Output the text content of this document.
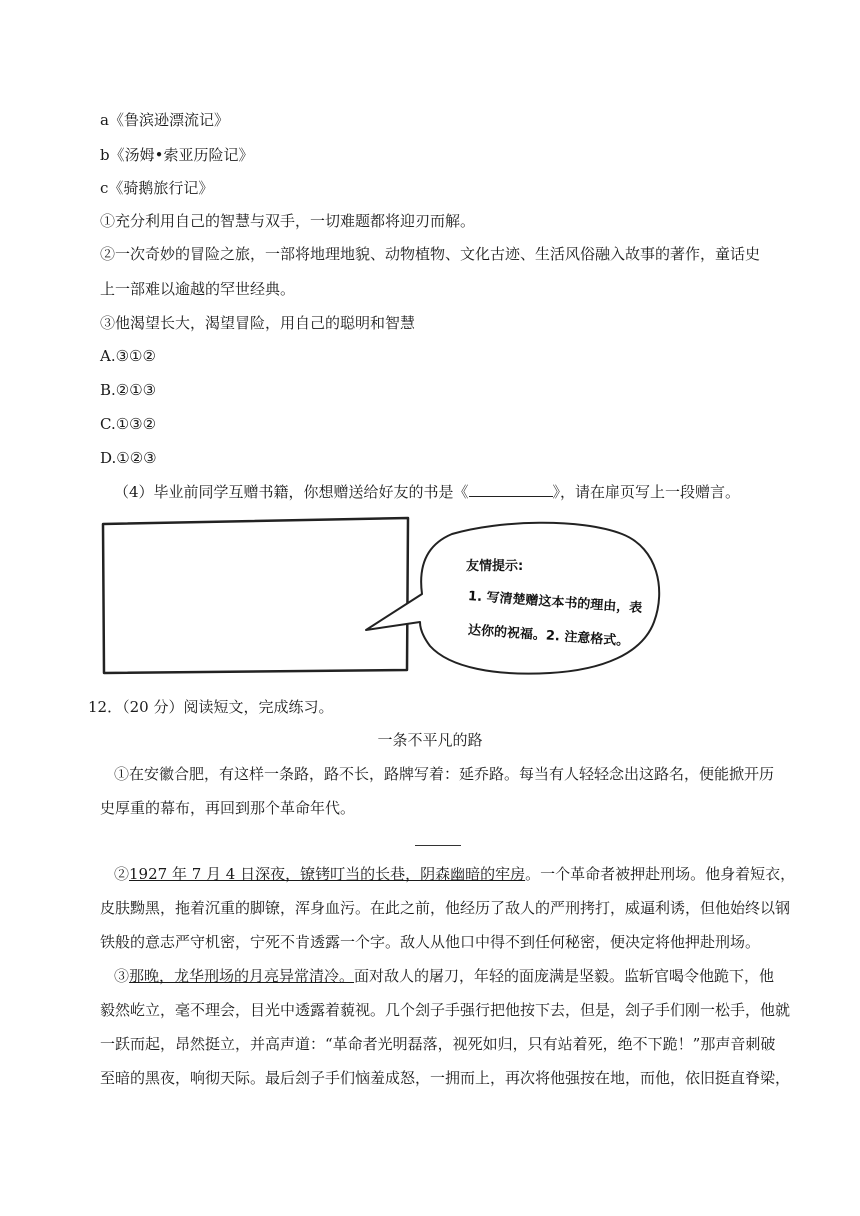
a《鲁滨逊漂流记》
b《汤姆•索亚历险记》
c《骑鹅旅行记》
①充分利用自己的智慧与双手，一切难题都将迎刃而解。
②一次奇妙的冒险之旅，一部将地理地貌、动物植物、文化古迹、生活风俗融入故事的著作，童话史
上一部难以逾越的罕世经典。
③他渴望长大，渴望冒险，用自己的聪明和智慧
A.③①②
B.②①③
C.①③②
D.①②③
（4）毕业前同学互赠书籍，你想赠送给好友的书是《	》，请在扉页写上一段赠言。
友情提示:
1. 写清楚赠这本书的理由，表
达你的祝福。2. 注意格式。
12．（20 分）阅读短文，完成练习。
一条不平凡的路
①在安徽合肥，有这样一条路，路不长，路牌写着：延乔路。每当有人轻轻念出这路名，便能掀开历
史厚重的幕布，再回到那个革命年代。
②1927 年 7 月 4 日深夜，镣铐叮当的长巷，阴森幽暗的牢房。一个革命者被押赴刑场。他身着短衣，
皮肤黝黑，拖着沉重的脚镣，浑身血污。在此之前，他经历了敌人的严刑拷打，威逼利诱，但他始终以钢
铁般的意志严守机密，宁死不肯透露一个字。敌人从他口中得不到任何秘密，便决定将他押赴刑场。
③那晚，龙华刑场的月亮异常清冷。面对敌人的屠刀，年轻的面庞满是坚毅。监斩官喝令他跪下，他
毅然屹立，毫不理会，目光中透露着藐视。几个刽子手强行把他按下去，但是，刽子手们刚一松手，他就
一跃而起，昂然挺立，并高声道：“革命者光明磊落，视死如归，只有站着死，绝不下跪！”那声音刺破
至暗的黑夜，响彻天际。最后刽子手们恼羞成怒，一拥而上，再次将他强按在地，而他，依旧挺直脊梁，
